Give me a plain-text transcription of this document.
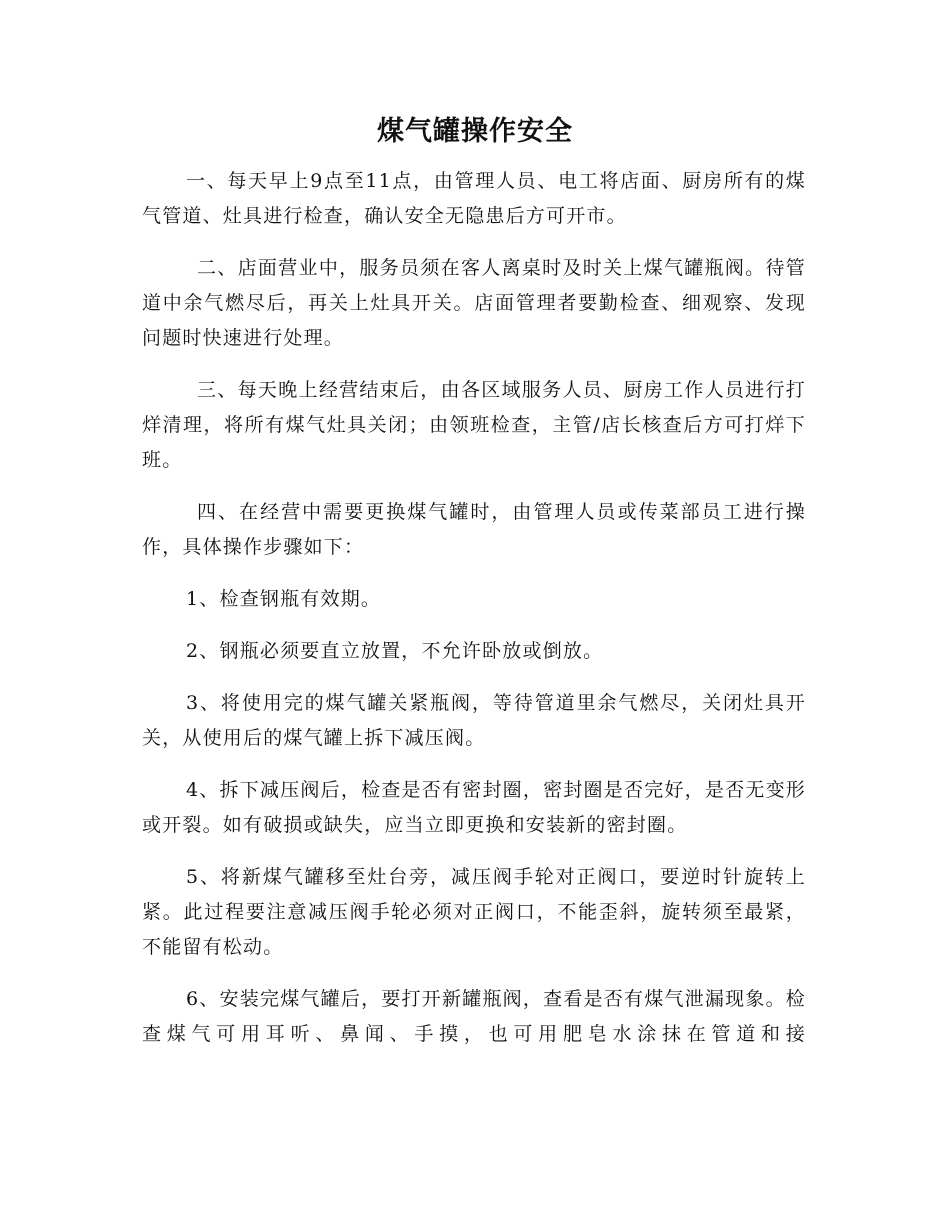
煤气罐操作安全

一、每天早上9点至11点，由管理人员、电工将店面、厨房所有的煤气管道、灶具进行检查，确认安全无隐患后方可开市。

二、店面营业中，服务员须在客人离桌时及时关上煤气罐瓶阀。待管道中余气燃尽后，再关上灶具开关。店面管理者要勤检查、细观察、发现问题时快速进行处理。

三、每天晚上经营结束后，由各区域服务人员、厨房工作人员进行打烊清理，将所有煤气灶具关闭；由领班检查，主管/店长核查后方可打烊下班。

四、在经营中需要更换煤气罐时，由管理人员或传菜部员工进行操作，具体操作步骤如下：

1、检查钢瓶有效期。

2、钢瓶必须要直立放置，不允许卧放或倒放。

3、将使用完的煤气罐关紧瓶阀，等待管道里余气燃尽，关闭灶具开关，从使用后的煤气罐上拆下减压阀。

4、拆下减压阀后，检查是否有密封圈，密封圈是否完好，是否无变形或开裂。如有破损或缺失，应当立即更换和安装新的密封圈。

5、将新煤气罐移至灶台旁，减压阀手轮对正阀口，要逆时针旋转上紧。此过程要注意减压阀手轮必须对正阀口，不能歪斜，旋转须至最紧，不能留有松动。

6、安装完煤气罐后，要打开新罐瓶阀，查看是否有煤气泄漏现象。检查煤气可用耳听、鼻闻、手摸，也可用肥皂水涂抹在管道和接
